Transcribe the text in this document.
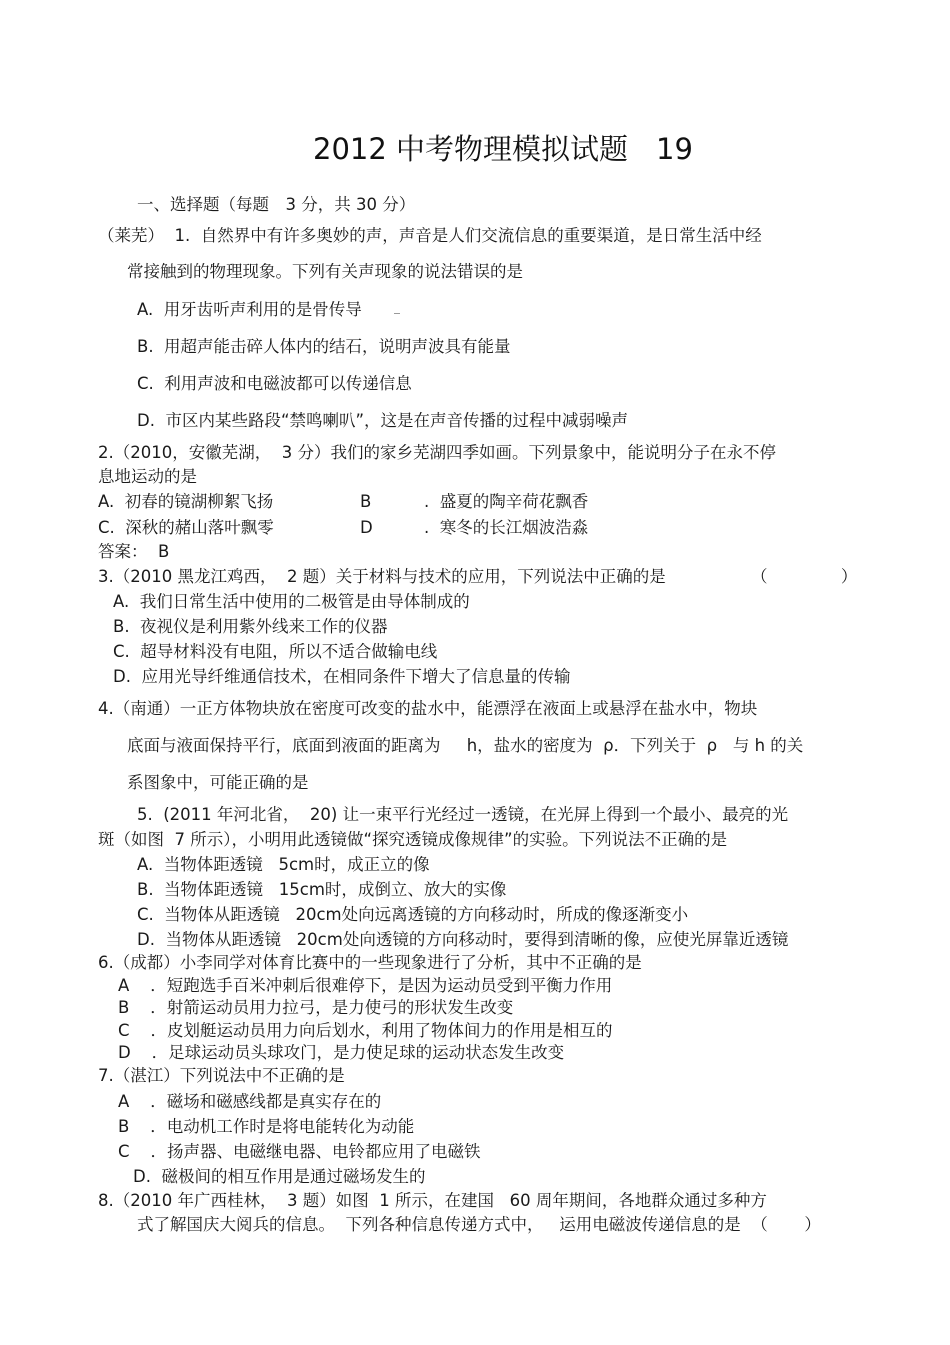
2012 中考物理模拟试题 19
一、选择题（每题　3 分，共 30 分）
（莱芜）  1.  自然界中有许多奥妙的声，声音是人们交流信息的重要渠道，是日常生活中经
常接触到的物理现象。下列有关声现象的说法错误的是
A.  用牙齿听声利用的是骨传导
B.  用超声能击碎人体内的结石，说明声波具有能量
C.  利用声波和电磁波都可以传递信息
D.  市区内某些路段“禁鸣喇叭”，这是在声音传播的过程中减弱噪声
2.（2010，安徽芜湖，  3 分）我们的家乡芜湖四季如画。下列景象中，能说明分子在永不停
息地运动的是
A.  初春的镜湖柳絮飞扬	B	.  盛夏的陶辛荷花飘香
C.  深秋的赭山落叶飘零	D	.  寒冬的长江烟波浩淼
答案：  B
3.（2010 黑龙江鸡西，  2 题）关于材料与技术的应用，下列说法中正确的是	（              ）
A.  我们日常生活中使用的二极管是由导体制成的
B.  夜视仪是利用紫外线来工作的仪器
C.  超导材料没有电阻，所以不适合做输电线
D.  应用光导纤维通信技术，在相同条件下增大了信息量的传输
4.（南通）一正方体物块放在密度可改变的盐水中，能漂浮在液面上或悬浮在盐水中，物块
底面与液面保持平行，底面到液面的距离为     h，盐水的密度为  ρ．下列关于  ρ   与 h 的关
系图象中，可能正确的是
5.  (2011 年河北省，  20) 让一束平行光经过一透镜，在光屏上得到一个最小、最亮的光
斑（如图  7 所示），小明用此透镜做“探究透镜成像规律”的实验。下列说法不正确的是
A.  当物体距透镜   5cm时，成正立的像
B.  当物体距透镜   15cm时，成倒立、放大的实像
C.  当物体从距透镜   20cm处向远离透镜的方向移动时，所成的像逐渐变小
D.  当物体从距透镜   20cm处向透镜的方向移动时，要得到清晰的像，应使光屏靠近透镜
6.（成都）小李同学对体育比赛中的一些现象进行了分析，其中不正确的是
A    ．短跑选手百米冲刺后很难停下，是因为运动员受到平衡力作用
B    ．射箭运动员用力拉弓，是力使弓的形状发生改变
C    ．皮划艇运动员用力向后划水，利用了物体间力的作用是相互的
D    ．足球运动员头球攻门，是力使足球的运动状态发生改变
7.（湛江）下列说法中不正确的是
A    ．磁场和磁感线都是真实存在的
B    ．电动机工作时是将电能转化为动能
C    ．扬声器、电磁继电器、电铃都应用了电磁铁
D.  磁极间的相互作用是通过磁场发生的
8.（2010 年广西桂林，  3 题）如图  1 所示，在建国   60 周年期间，各地群众通过多种方
式了解国庆大阅兵的信息。  下列各种信息传递方式中，   运用电磁波传递信息的是  （       ）
